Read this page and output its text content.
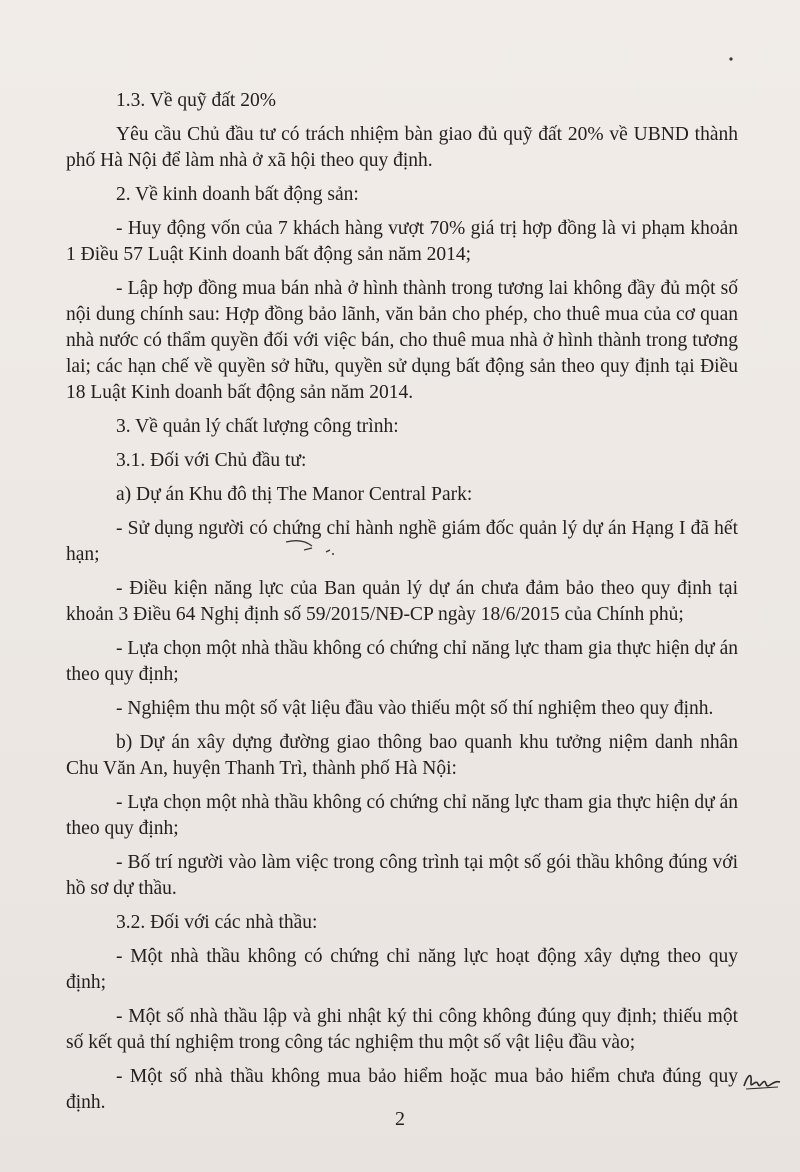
1.3. Về quỹ đất 20%

Yêu cầu Chủ đầu tư có trách nhiệm bàn giao đủ quỹ đất 20% về UBND thành phố Hà Nội để làm nhà ở xã hội theo quy định.

2. Về kinh doanh bất động sản:

- Huy động vốn của 7 khách hàng vượt 70% giá trị hợp đồng là vi phạm khoản 1 Điều 57 Luật Kinh doanh bất động sản năm 2014;

- Lập hợp đồng mua bán nhà ở hình thành trong tương lai không đầy đủ một số nội dung chính sau: Hợp đồng bảo lãnh, văn bản cho phép, cho thuê mua của cơ quan nhà nước có thẩm quyền đối với việc bán, cho thuê mua nhà ở hình thành trong tương lai; các hạn chế về quyền sở hữu, quyền sử dụng bất động sản theo quy định tại Điều 18 Luật Kinh doanh bất động sản năm 2014.

3. Về quản lý chất lượng công trình:

3.1. Đối với Chủ đầu tư:

a) Dự án Khu đô thị The Manor Central Park:

- Sử dụng người có chứng chỉ hành nghề giám đốc quản lý dự án Hạng I đã hết hạn;

- Điều kiện năng lực của Ban quản lý dự án chưa đảm bảo theo quy định tại khoản 3 Điều 64 Nghị định số 59/2015/NĐ-CP ngày 18/6/2015 của Chính phủ;

- Lựa chọn một nhà thầu không có chứng chỉ năng lực tham gia thực hiện dự án theo quy định;

- Nghiệm thu một số vật liệu đầu vào thiếu một số thí nghiệm theo quy định.

b) Dự án xây dựng đường giao thông bao quanh khu tưởng niệm danh nhân Chu Văn An, huyện Thanh Trì, thành phố Hà Nội:

- Lựa chọn một nhà thầu không có chứng chỉ năng lực tham gia thực hiện dự án theo quy định;

- Bố trí người vào làm việc trong công trình tại một số gói thầu không đúng với hồ sơ dự thầu.

3.2. Đối với các nhà thầu:

- Một nhà thầu không có chứng chỉ năng lực hoạt động xây dựng theo quy định;

- Một số nhà thầu lập và ghi nhật ký thi công không đúng quy định; thiếu một số kết quả thí nghiệm trong công tác nghiệm thu một số vật liệu đầu vào;

- Một số nhà thầu không mua bảo hiểm hoặc mua bảo hiểm chưa đúng quy định.

2
